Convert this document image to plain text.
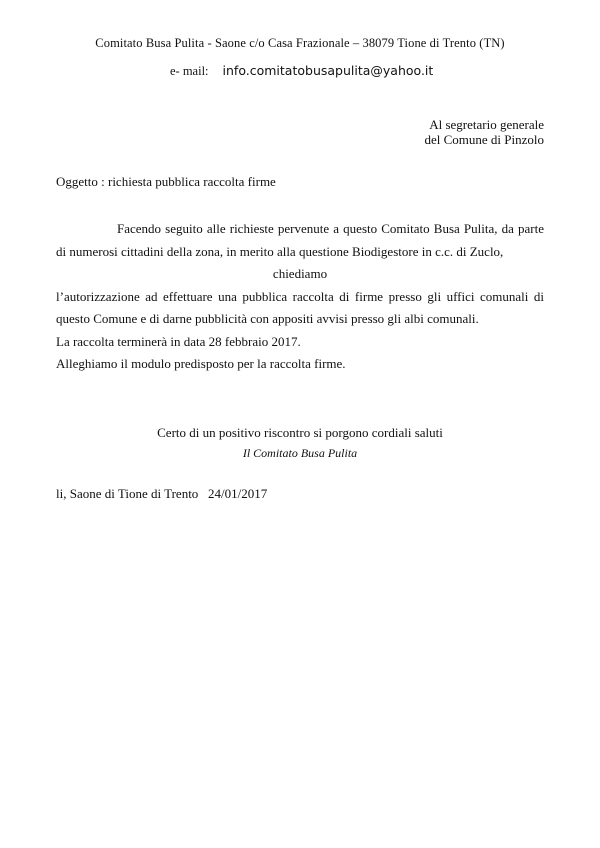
Comitato Busa Pulita - Saone c/o Casa Frazionale – 38079 Tione di Trento (TN)
e- mail: info.comitatobusapulita@yahoo.it
Al segretario generale
del Comune di Pinzolo
Oggetto : richiesta pubblica raccolta firme

Facendo seguito alle richieste pervenute a questo Comitato Busa Pulita, da parte di numerosi cittadini della zona, in merito alla questione Biodigestore in c.c. di Zuclo,

chiediamo

l’autorizzazione ad effettuare una pubblica raccolta di firme presso gli uffici comunali di questo Comune e di darne pubblicità con appositi avvisi presso gli albi comunali.

La raccolta terminerà in data 28 febbraio 2017.

Alleghiamo il modulo predisposto per la raccolta firme.

Certo di un positivo riscontro si porgono cordiali saluti
Il Comitato Busa Pulita
li, Saone di Tione di Trento   24/01/2017
